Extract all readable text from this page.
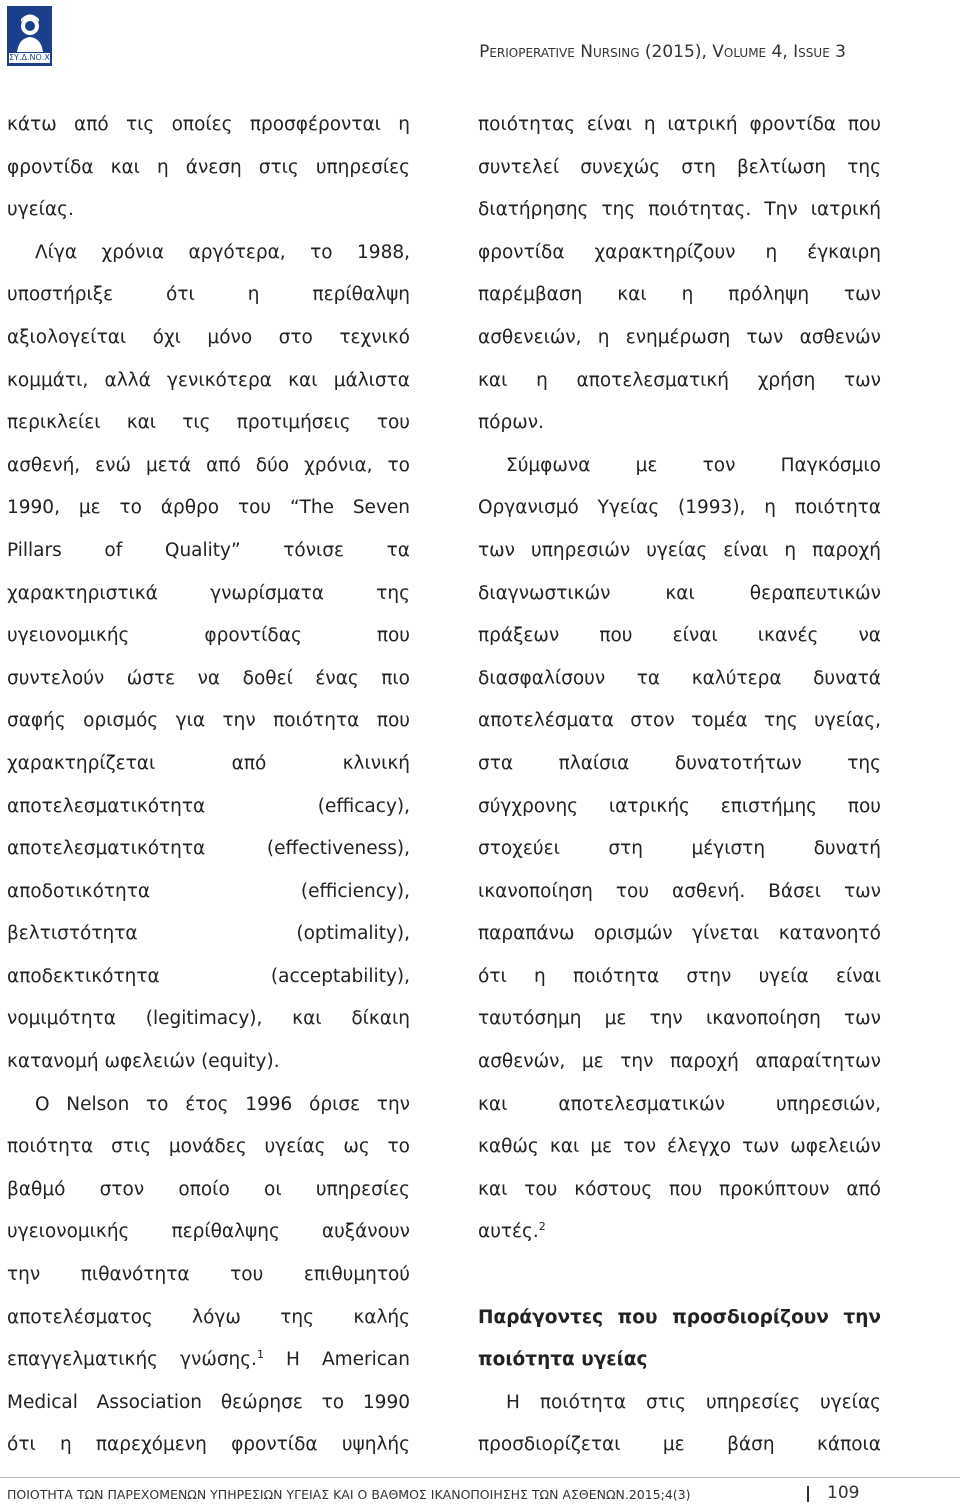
ΣΥ.Δ.ΝΟ.Χ.	Perioperative Nursing (2015), Volume 4, Issue 3
κάτω από τις οποίες προσφέρονται η
φροντίδα και η άνεση στις υπηρεσίες
υγείας.
Λίγα χρόνια αργότερα, το 1988,
υποστήριξε ότι η περίθαλψη
αξιολογείται όχι μόνο στο τεχνικό
κομμάτι, αλλά γενικότερα και μάλιστα
περικλείει και τις προτιμήσεις του
ασθενή, ενώ μετά από δύο χρόνια, το
1990, με το άρθρο του “The Seven
Pillars of Quality” τόνισε τα
χαρακτηριστικά γνωρίσματα της
υγειονομικής φροντίδας που
συντελούν ώστε να δοθεί ένας πιο
σαφής ορισμός για την ποιότητα που
χαρακτηρίζεται από κλινική
αποτελεσματικότητα (efficacy),
αποτελεσματικότητα (effectiveness),
αποδοτικότητα (efficiency),
βελτιστότητα (optimality),
αποδεκτικότητα (acceptability),
νομιμότητα (legitimacy), και δίκαιη
κατανομή ωφελειών (equity).
Ο Nelson το έτος 1996 όρισε την
ποιότητα στις μονάδες υγείας ως το
βαθμό στον οποίο οι υπηρεσίες
υγειονομικής περίθαλψης αυξάνουν
την πιθανότητα του επιθυμητού
αποτελέσματος λόγω της καλής
επαγγελματικής γνώσης.$^1$ Η American
Medical Association θεώρησε το 1990
ότι η παρεχόμενη φροντίδα υψηλής
ποιότητας είναι η ιατρική φροντίδα που
συντελεί συνεχώς στη βελτίωση της
διατήρησης της ποιότητας. Την ιατρική
φροντίδα χαρακτηρίζουν η έγκαιρη
παρέμβαση και η πρόληψη των
ασθενειών, η ενημέρωση των ασθενών
και η αποτελεσματική χρήση των
πόρων.
Σύμφωνα με τον Παγκόσμιο
Οργανισμό Υγείας (1993), η ποιότητα
των υπηρεσιών υγείας είναι η παροχή
διαγνωστικών και θεραπευτικών
πράξεων που είναι ικανές να
διασφαλίσουν τα καλύτερα δυνατά
αποτελέσματα στον τομέα της υγείας,
στα πλαίσια δυνατοτήτων της
σύγχρονης ιατρικής επιστήμης που
στοχεύει στη μέγιστη δυνατή
ικανοποίηση του ασθενή. Βάσει των
παραπάνω ορισμών γίνεται κατανοητό
ότι η ποιότητα στην υγεία είναι
ταυτόσημη με την ικανοποίηση των
ασθενών, με την παροχή απαραίτητων
και αποτελεσματικών υπηρεσιών,
καθώς και με τον έλεγχο των ωφελειών
και του κόστους που προκύπτουν από
αυτές.$^2$
Παράγοντες που προσδιορίζουν την
ποιότητα υγείας
Η ποιότητα στις υπηρεσίες υγείας
προσδιορίζεται με βάση κάποια
ΠΟΙΟΤΗΤΑ ΤΩΝ ΠΑΡΕΧΟΜΕΝΩΝ ΥΠΗΡΕΣΙΩΝ ΥΓΕΙΑΣ ΚΑΙ Ο ΒΑΘΜΟΣ ΙΚΑΝΟΠΟΙΗΣΗΣ ΤΩΝ ΑΣΘΕΝΩΝ.2015;4(3)	109
